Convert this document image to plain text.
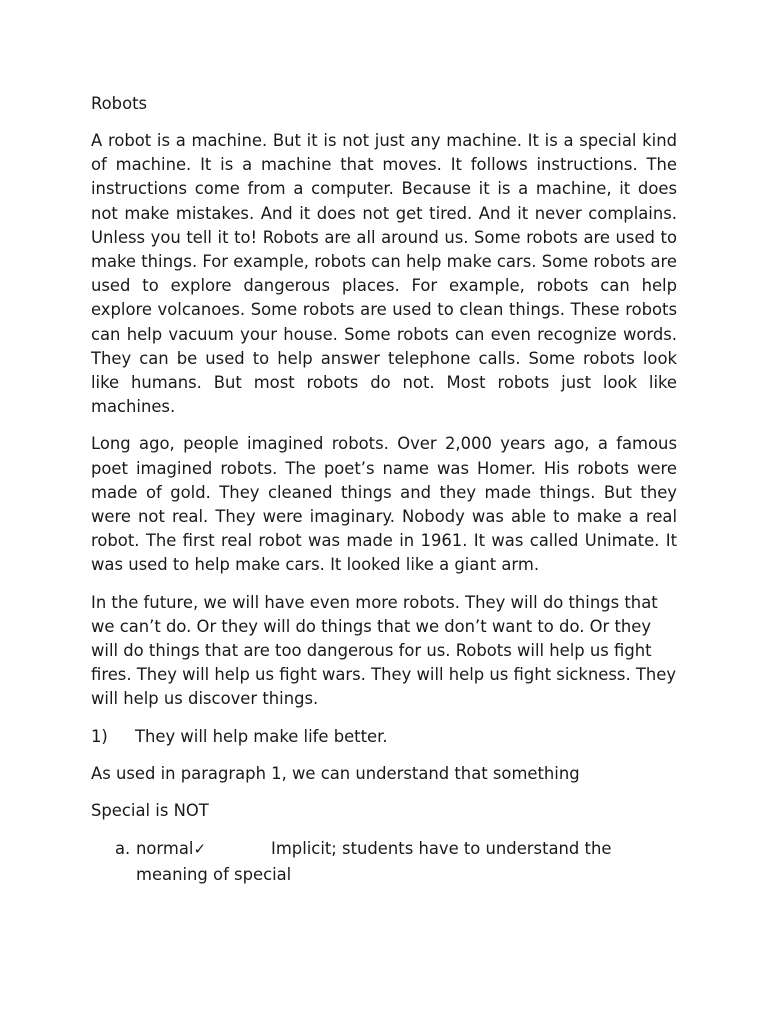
Robots

A robot is a machine. But it is not just any machine. It is a special kind of machine. It is a machine that moves. It follows instructions. The instructions come from a computer. Because it is a machine, it does not make mistakes. And it does not get tired. And it never complains. Unless you tell it to! Robots are all around us. Some robots are used to make things. For example, robots can help make cars. Some robots are used to explore dangerous places. For example, robots can help explore volcanoes. Some robots are used to clean things. These robots can help vacuum your house. Some robots can even recognize words. They can be used to help answer telephone calls. Some robots look like humans. But most robots do not. Most robots just look like machines.

Long ago, people imagined robots. Over 2,000 years ago, a famous poet imagined robots. The poet’s name was Homer. His robots were made of gold. They cleaned things and they made things. But they were not real. They were imaginary. Nobody was able to make a real robot. The first real robot was made in 1961. It was called Unimate. It was used to help make cars. It looked like a giant arm.

In the future, we will have even more robots. They will do things that we can’t do. Or they will do things that we don’t want to do. Or they will do things that are too dangerous for us. Robots will help us fight fires. They will help us fight wars. They will help us fight sickness. They will help us discover things.

1)	They will help make life better.

As used in paragraph 1, we can understand that something

Special is NOT

a. normal✓	Implicit; students have to understand the meaning of special
